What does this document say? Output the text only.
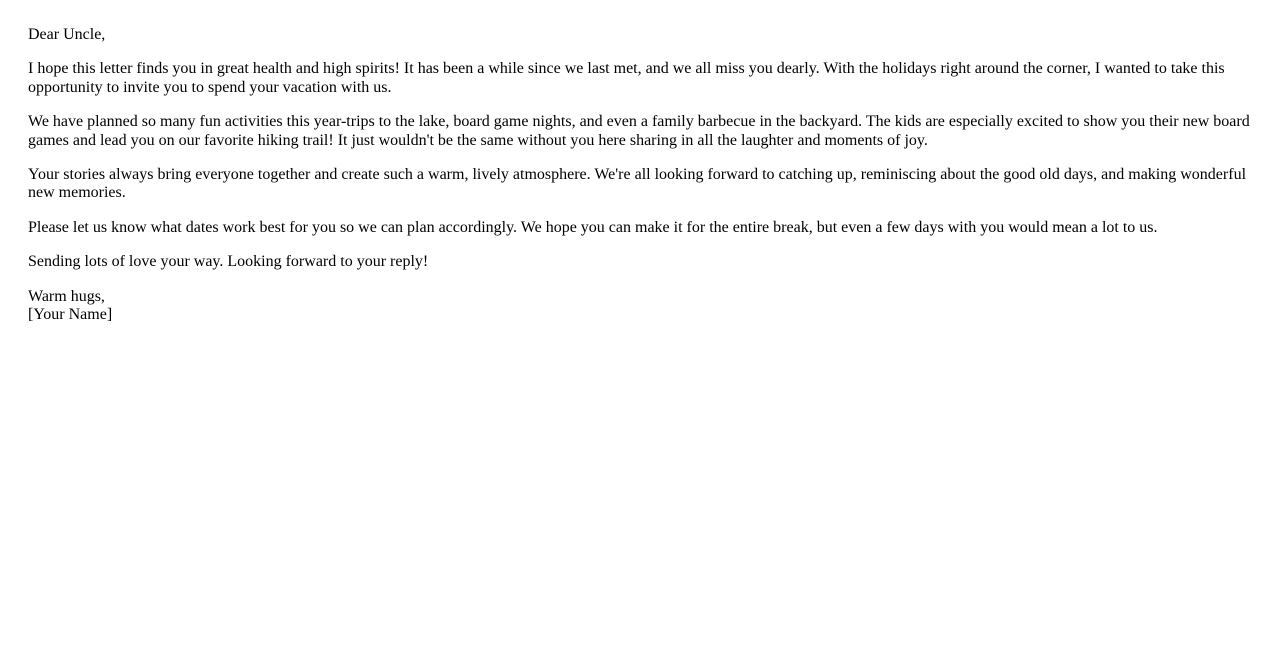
Dear Uncle,

I hope this letter finds you in great health and high spirits! It has been a while since we last met, and we all miss you dearly. With the holidays right around the corner, I wanted to take this opportunity to invite you to spend your vacation with us.

We have planned so many fun activities this year-trips to the lake, board game nights, and even a family barbecue in the backyard. The kids are especially excited to show you their new board games and lead you on our favorite hiking trail! It just wouldn't be the same without you here sharing in all the laughter and moments of joy.

Your stories always bring everyone together and create such a warm, lively atmosphere. We're all looking forward to catching up, reminiscing about the good old days, and making wonderful new memories.

Please let us know what dates work best for you so we can plan accordingly. We hope you can make it for the entire break, but even a few days with you would mean a lot to us.

Sending lots of love your way. Looking forward to your reply!

Warm hugs,
[Your Name]
